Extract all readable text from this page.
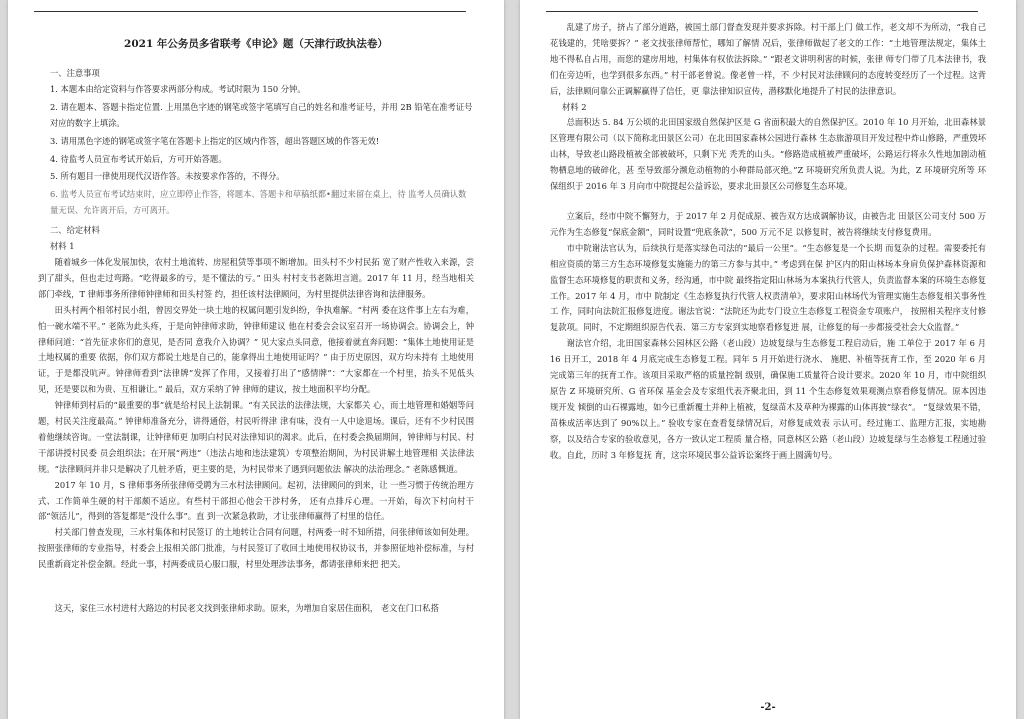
2021 年公务员多省联考《申论》题（天津行政执法卷）
一、注意事项
1. 本题本由给定资料与作答要求两部分构成。考试时限为 150 分钟。
2. 请在题本、答题卡指定位置. 上用黑色字迹的钢笔或签字笔填写自己的姓名和准考证号，并用 2B 铅笔在准考证号对应的数字上填涂。
3. 请用黑色字迹的钢笔或签字笔在答题卡上指定的区域内作答，超出答题区域的作答无效!
4. 待监考人员宣布考试开始后，方可开始答题。
5. 所有题目一律使用现代汉语作答。未按要求作答的，不得分。
6. 监考人员宣布考试结束时，应立即停止作答，将题本、答题卡和草稿纸都•翻过来留在桌上，待 监考人员确认数量无误、允许离开后，方可离开。
二、给定材料
材料 1

随着城乡一体化发展加快，农村土地流转、房屋租赁等事项不断增加。田头村不少村民拓 宽了财产性收入来源，尝到了甜头，但也走过弯路。“吃得最多的亏，是不懂法的亏。” 田头 村村支书老陈坦言道。2017 年 11 月，经当地相关部门牵线，T 律师事务所律师钟律师和田头村签 约，担任该村法律顾问，为村里提供法律咨询和法律服务。

田头村两个相邻村民小组，曾因交界处一块土地的权属问题引发纠纷，争执难解。“村两 委在这件事上左右为难，怕一碗水端不平。” 老陈为此头疼，于是向钟律师求助，钟律师建议 他在村委会会议室召开一场协调会。协调会上，钟律师问道：“首先征求你们的意见，是否同 意我介入协调？” 见大家点头同意，他接着就直奔问题：“集体土地使用证是土地权属的重要 依据，你们双方都说土地是自己的，能拿得出土地使用证吗？” 由于历史原因，双方均未持有 土地使用证，于是都没吭声。钟律师看到“法律牌”发挥了作用，又接着打出了“感情牌”：“大家都在一个村里，抬头不见低头见，还是要以和为贵、互相谦让。” 最后，双方采纳了钟 律师的建议，按土地面积平均分配。

钟律师到村后的“最重要的事”就是给村民上法制课。“有关民法的法律法规，大家都关 心，而土地管理和婚姻等问题，村民关注度最高。” 钟律师准备充分，讲得通俗，村民听得津 津有味，没有一人中途退场。课后，还有不少村民围着他继续咨询。一堂法制课，让钟律师更 加明白村民对法律知识的渴求。此后，在村委会换届期间，钟律师与村民、村干部讲授村民委 员会组织法；在开展“两违”（违法占地和违法建筑）专项整治期间，为村民讲解土地管理相 关法律法规。“法律顾问并非只是解决了几桩矛盾，更主要的是，为村民带来了遇到问题依法 解决的法治理念。” 老陈感慨道。

2017 年 10 月，S 律师事务所张律师受聘为三水村法律顾问。起初，法律顾问的到来，让 一些习惯于传统治理方式、工作简单生硬的村干部颇不适应。有些村干部担心他会干涉村务， 还有点排斥心理。一开始，每次下村向村干部“领活儿”，得到的答复都是“没什么事”。直 到一次紧急救助，才让张律师赢得了村里的信任。

村关部门曾查发现，三水村集体和村民签订 的土地转让合同有问题，村两委一时不知所措，问张律师该如何处理。按照张律师的专业指导，村委会上报相关部门批准，与村民签订了收回土地使用权协议书，并参照征地补偿标准，与村 民重新商定补偿金额。经此一事，村两委成员心服口服，村里处理涉法事务，都请张律师来把 把关。

这天，家住三水村进村大路边的村民老文找到张律师求助。原来，为增加自家居住面积， 老文在门口私搭

乱建了房子，挤占了部分道路，被国土部门督查发现并要求拆除。村干部上门 做工作，老文却不为所动，“我自己花钱建的，凭啥要拆？” 老文找张律师帮忙，哪知了解情 况后，张律师做起了老文的工作：“土地管理法规定，集体土地不得私自占用，而您的建房用地，村集体有权依法拆除。” “跟老文讲明利害的时候，张律 师专门带了几本法律书，我们在旁边听，也学到很多东西。” 村干部老曾说。像老曾一样，不 少村民对法律顾问的态度转变经历了一个过程。这背后，法律顾问靠公正调解赢得了信任，更 靠法律知识宣传，潜移默化地提升了村民的法律意识。

材料 2

总面积达 5. 84 万公顷的北田国家级自然保护区是 G 省面积最大的自然保护区。2010 年 10 月开始，北田森林景区管理有限公司（以下简称北田景区公司）在北田国家森林公园进行森林 生态旅游项目开发过程中炸山修路，严重毁坏山林，导致老山路段植被全部被破坏，只剩下光 秃秃的山头。“修路造成植被严重破坏，公路运行将永久性地加剧动植物栖息地的破碎化，甚 至导致部分濒危动植物的小种群局部灭绝。”Z 环境研究所负责人说。为此，Z 环境研究所等 环保组织于 2016 年 3 月向市中院提起公益诉讼，要求北田景区公司修复生态环境。

立案后，经市中院不懈努力，于 2017 年 2 月促成原、被告双方达成调解协议，由被告北 田景区公司支付 500 万元作为生态修复“保底金额”，同时设置“兜底条款”，500 万元不足 以修复时，被告将继续支付修复费用。

市中院谢法官认为，后续执行是落实绿色司法的“最后一公里”。“生态修复是一个长期 而复杂的过程。需要委托有相应资质的第三方生态环境修复实施能力的第三方参与其中。” 考虑到在保 护区内的阳山林场本身肩负保护森林资源和监督生态环境修复的职责和义务，经沟通，市中院 最终指定阳山林场为本案执行代管人，负责监督本案的环境生态修复工作。2017 年 4 月，市中 院制定《生态修复执行代管人权责清单》，要求阳山林场代为管理实施生态修复相关事务性工 作，同时向法院汇报修复进度。谢法官说：“法院还为此专门设立生态修复工程资金专项账户， 按照相关程序支付修复款项。同时，不定期组织原告代表、第三方专家到实地察看修复进 展，让修复的每一步都接受社会大众监督。”

谢法官介绍，北田国家森林公园林区公路（老山段）边坡复绿与生态修复工程启动后，施 工单位于 2017 年 6 月 16 日开工，2018 年 4 月底完成生态修复工程。同年 5 月开始进行浇水、 施肥、补植等抚育工作，至 2020 年 6 月完成第三年的抚育工作。该项目采取严格的质量控制 级别，确保施工质量符合设计要求。2020 年 10 月，市中院组织原告 Z 环境研究所、G 省环保 基金会及专家组代表齐聚北田，到 11 个生态修复效果观测点察看修复情况。原本因违规开发 倾倒的山石裸露地，如今已重新覆土并种上植被，复绿苗木及草种为裸露的山体再披“绿衣”。 “复绿效果不错，苗株成活率达到了 90%以上。” 验收专家在查看复绿情况后，对修复成效表 示认可。经过施工、监理方汇报，实地勘察，以及结合专家的验收意见，各方一致认定工程质 量合格，同意林区公路（老山段）边坡复绿与生态修复工程通过验收。自此，历时 3 年修复抚 育，这宗环境民事公益诉讼案终于画上圆满句号。

-2-
